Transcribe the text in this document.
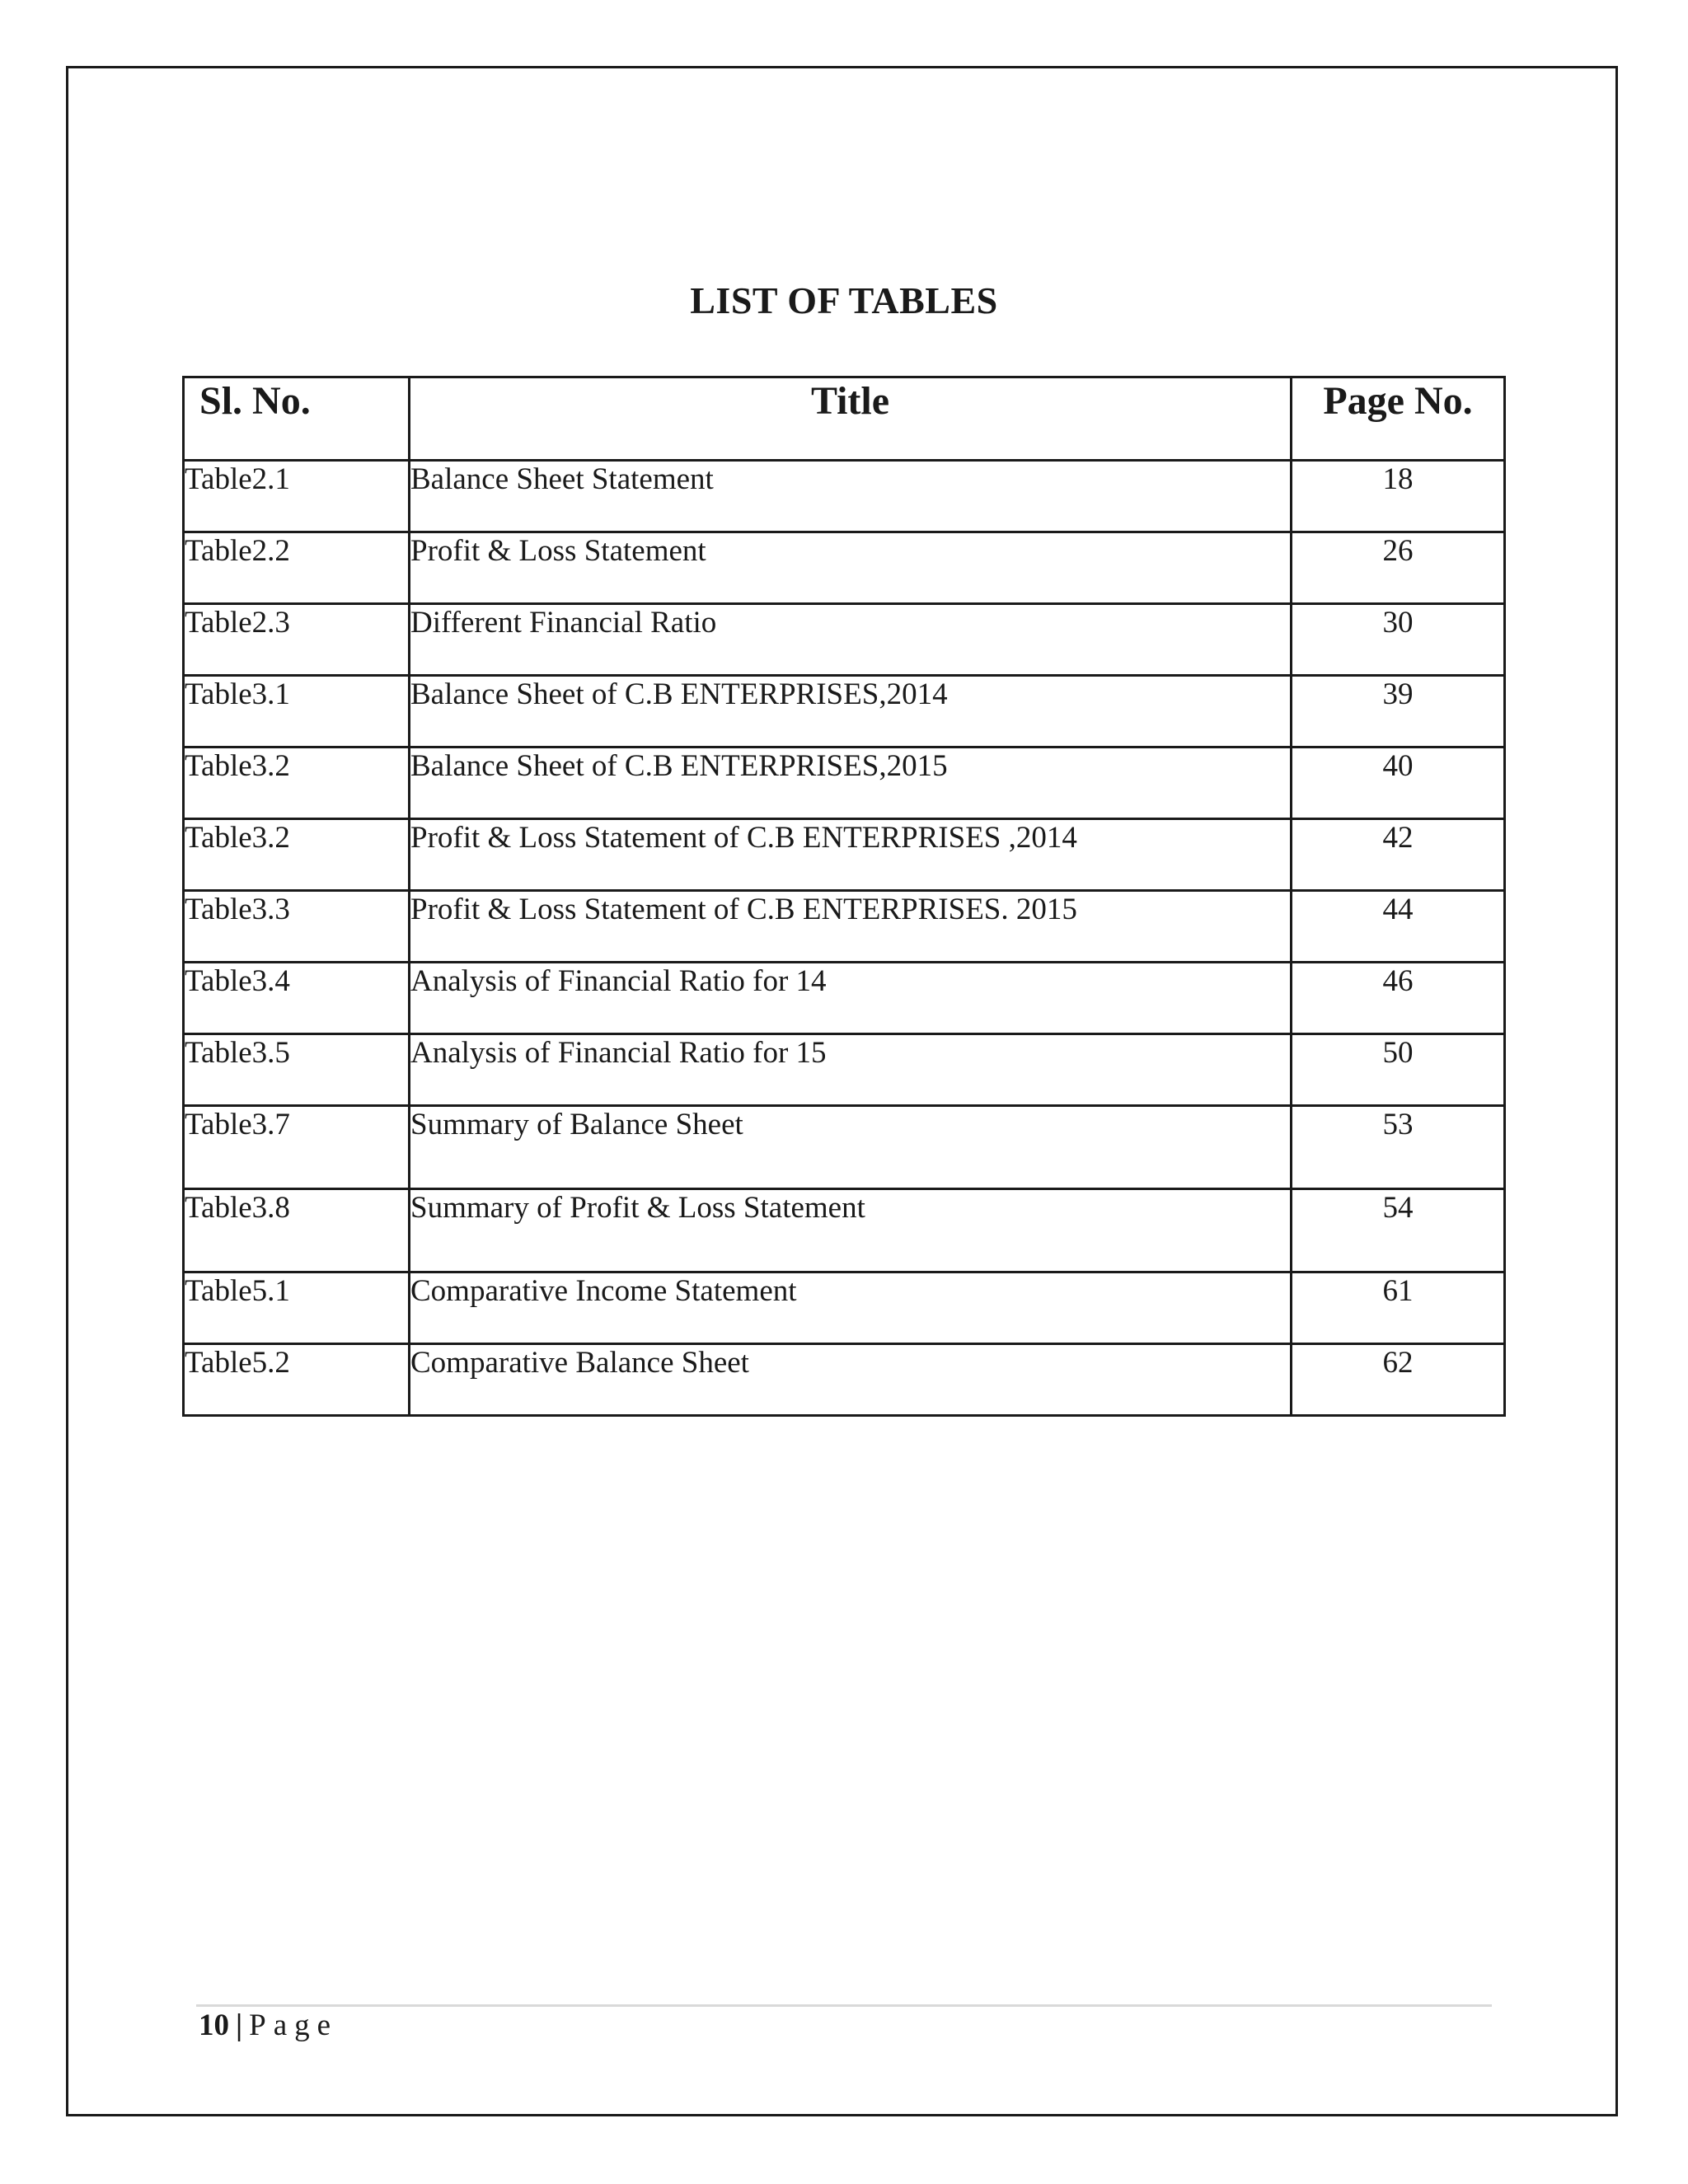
LIST OF TABLES
Sl. No.	Title	Page No.
Table2.1	Balance Sheet Statement	18
Table2.2	Profit & Loss Statement	26
Table2.3	Different Financial Ratio	30
Table3.1	Balance Sheet of C.B ENTERPRISES,2014	39
Table3.2	Balance Sheet of C.B ENTERPRISES,2015	40
Table3.2	Profit & Loss Statement of C.B ENTERPRISES ,2014	42
Table3.3	Profit & Loss Statement of C.B ENTERPRISES. 2015	44
Table3.4	Analysis of Financial Ratio for 14	46
Table3.5	Analysis of Financial Ratio for 15	50
Table3.7	Summary of Balance Sheet	53
Table3.8	Summary of Profit & Loss Statement	54
Table5.1	Comparative Income Statement	61
Table5.2	Comparative Balance Sheet	62
10 | Page
